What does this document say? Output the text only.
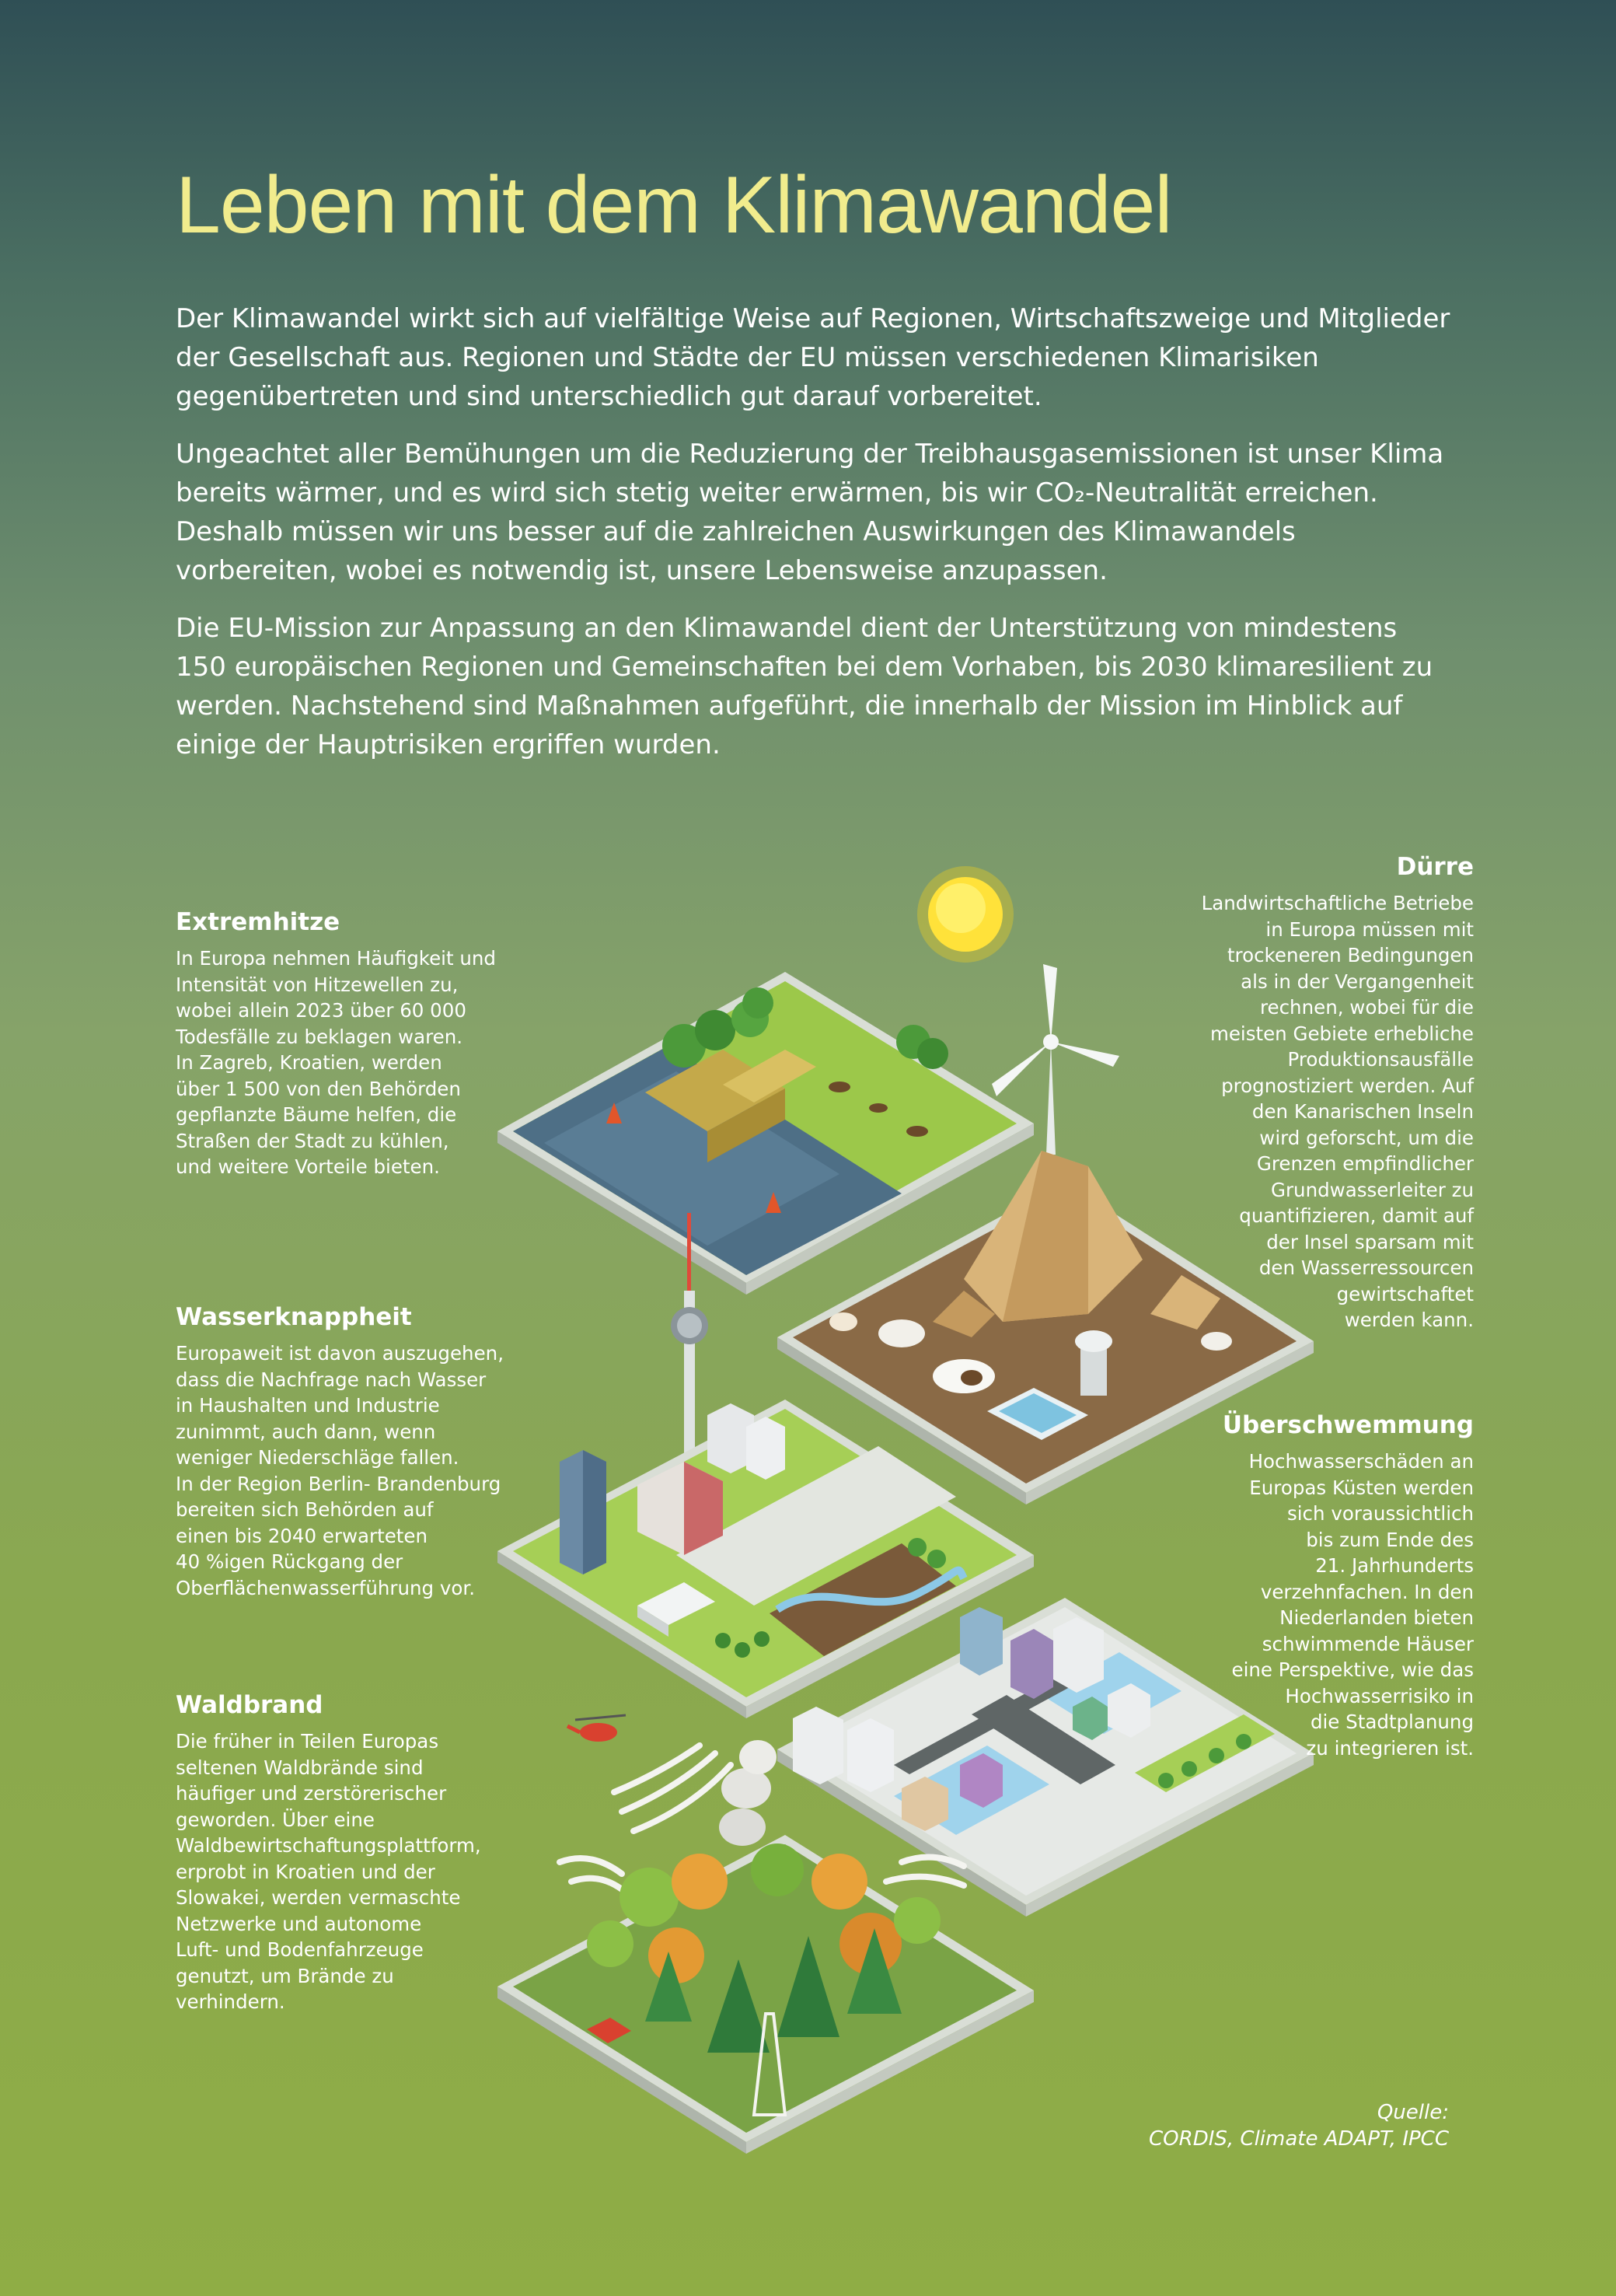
Leben mit dem Klimawandel

Der Klimawandel wirkt sich auf vielfältige Weise auf Regionen, Wirtschaftszweige und Mitglieder der Gesellschaft aus. Regionen und Städte der EU müssen verschiedenen Klimarisiken gegenübertreten und sind unterschiedlich gut darauf vorbereitet.

Ungeachtet aller Bemühungen um die Reduzierung der Treibhausgasemissionen ist unser Klima bereits wärmer, und es wird sich stetig weiter erwärmen, bis wir CO₂-Neutralität erreichen. Deshalb müssen wir uns besser auf die zahlreichen Auswirkungen des Klimawandels vorbereiten, wobei es notwendig ist, unsere Lebensweise anzupassen.

Die EU-Mission zur Anpassung an den Klimawandel dient der Unterstützung von mindestens 150 europäischen Regionen und Gemeinschaften bei dem Vorhaben, bis 2030 klimaresilient zu werden. Nachstehend sind Maßnahmen aufgeführt, die innerhalb der Mission im Hinblick auf einige der Hauptrisiken ergriffen wurden.

Extremhitze

In Europa nehmen Häufigkeit und
Intensität von Hitzewellen zu,
wobei allein 2023 über 60 000
Todesfälle zu beklagen waren.
In Zagreb, Kroatien, werden
über 1 500 von den Behörden
gepflanzte Bäume helfen, die
Straßen der Stadt zu kühlen,
und weitere Vorteile bieten.

Wasserknappheit

Europaweit ist davon auszugehen,
dass die Nachfrage nach Wasser
in Haushalten und Industrie
zunimmt, auch dann, wenn
weniger Niederschläge fallen.
In der Region Berlin- Brandenburg
bereiten sich Behörden auf
einen bis 2040 erwarteten
40 %igen Rückgang der
Oberflächenwasserführung vor.

Waldbrand

Die früher in Teilen Europas
seltenen Waldbrände sind
häufiger und zerstörerischer
geworden. Über eine
Waldbewirtschaftungsplattform,
erprobt in Kroatien und der
Slowakei, werden vermaschte
Netzwerke und autonome
Luft- und Bodenfahrzeuge
genutzt, um Brände zu
verhindern.

Dürre

Landwirtschaftliche Betriebe
in Europa müssen mit
trockeneren Bedingungen
als in der Vergangenheit
rechnen, wobei für die
meisten Gebiete erhebliche
Produktionsausfälle
prognostiziert werden. Auf
den Kanarischen Inseln
wird geforscht, um die
Grenzen empfindlicher
Grundwasserleiter zu
quantifizieren, damit auf
der Insel sparsam mit
den Wasserressourcen
gewirtschaftet
werden kann.

Überschwemmung

Hochwasserschäden an
Europas Küsten werden
sich voraussichtlich
bis zum Ende des
21. Jahrhunderts
verzehnfachen. In den
Niederlanden bieten
schwimmende Häuser
eine Perspektive, wie das
Hochwasserrisiko in
die Stadtplanung
zu integrieren ist.

Quelle:
CORDIS, Climate ADAPT, IPCC
